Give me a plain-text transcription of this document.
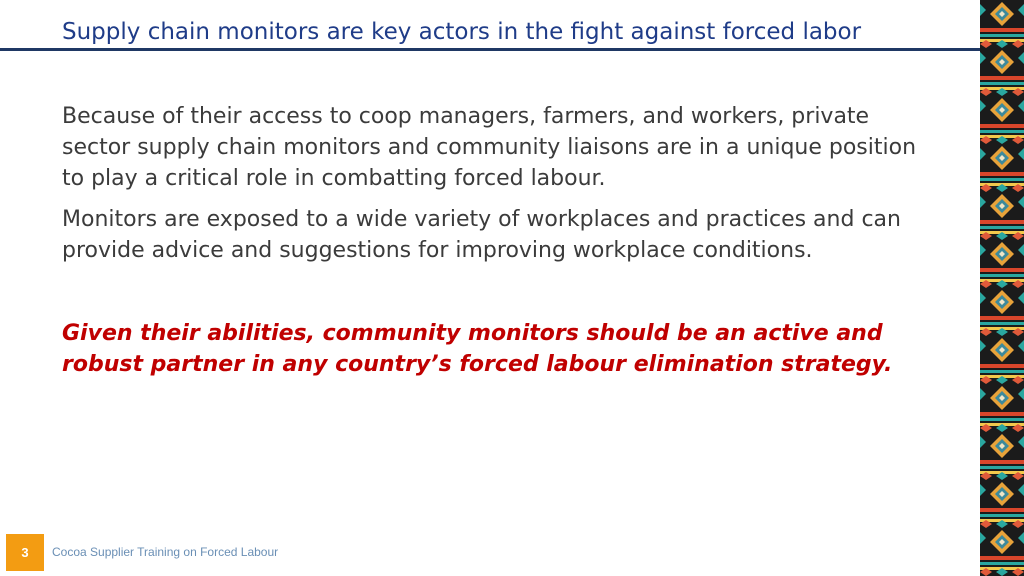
Supply chain monitors are key actors in the fight against forced labor
Because of their access to coop managers, farmers, and workers, private sector supply chain monitors and community liaisons are in a unique position to play a critical role in combatting forced labour.
Monitors are exposed to a wide variety of workplaces and practices and can provide advice and suggestions for improving workplace conditions.
Given their abilities, community monitors should be an active and robust partner in any country’s forced labour elimination strategy.
3 Cocoa Supplier Training on Forced Labour
